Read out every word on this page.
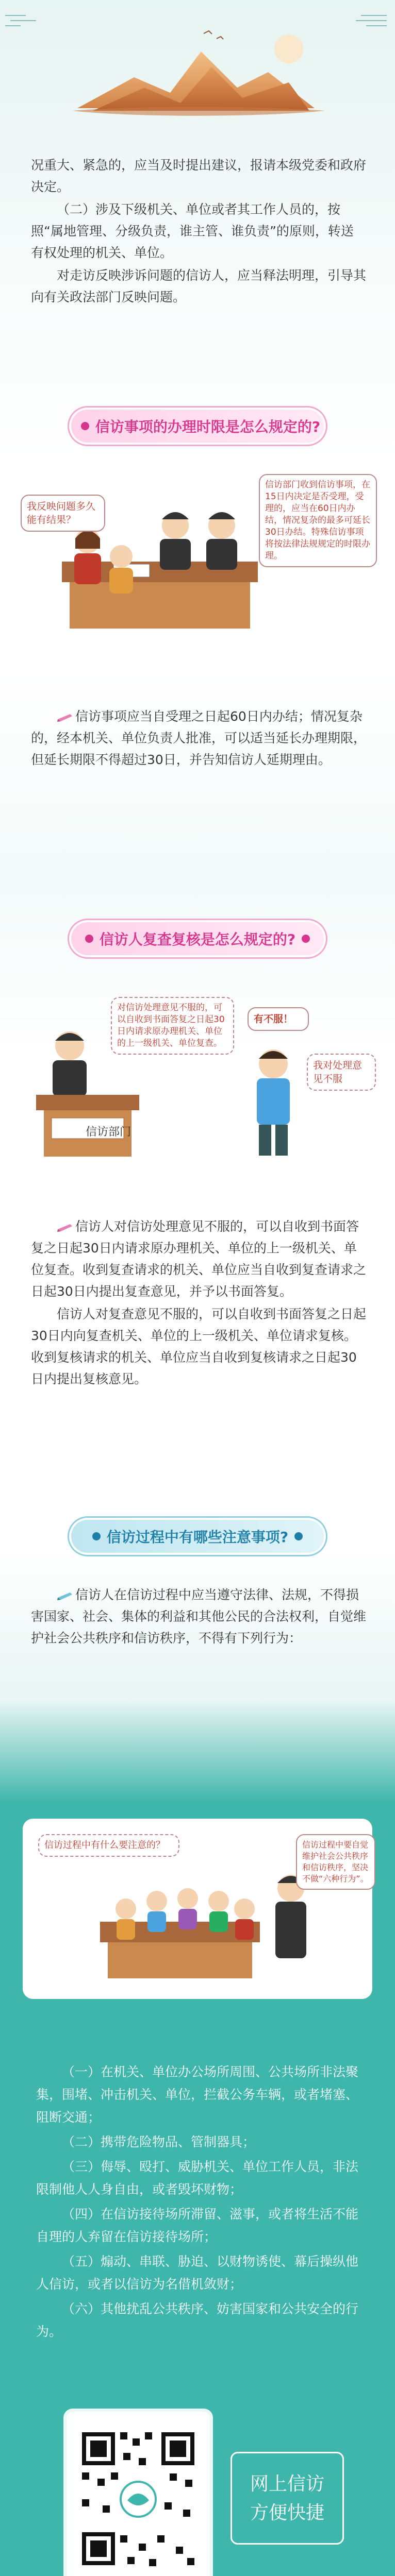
况重大、紧急的，应当及时提出建议，报请本级党委和政府决定。

（二）涉及下级机关、单位或者其工作人员的，按照“属地管理、分级负责，谁主管、谁负责”的原则，转送有权处理的机关、单位。

对走访反映涉诉问题的信访人，应当释法明理，引导其向有关政法部门反映问题。

信访事项的办理时限是怎么规定的?
我反映问题多久能有结果？
信访部门收到信访事项，在15日内决定是否受理，受理的，应当在60日内办结，情况复杂的最多可延长30日办结。特殊信访事项将按法律法规规定的时限办理。

信访事项应当自受理之日起60日内办结；情况复杂的，经本机关、单位负责人批准，可以适当延长办理期限，但延长期限不得超过30日，并告知信访人延期理由。

信访人复查复核是怎么规定的?
对信访处理意见不服的，可以自收到书面答复之日起30日内请求原办理机关、单位的上一级机关、单位复查。
有不服！
我对处理意见不服
信访部门

信访人对信访处理意见不服的，可以自收到书面答复之日起30日内请求原办理机关、单位的上一级机关、单位复查。收到复查请求的机关、单位应当自收到复查请求之日起30日内提出复查意见，并予以书面答复。

信访人对复查意见不服的，可以自收到书面答复之日起30日内向复查机关、单位的上一级机关、单位请求复核。收到复核请求的机关、单位应当自收到复核请求之日起30日内提出复核意见。

信访过程中有哪些注意事项?

信访人在信访过程中应当遵守法律、法规，不得损害国家、社会、集体的利益和其他公民的合法权利，自觉维护社会公共秩序和信访秩序，不得有下列行为：

信访过程中有什么要注意的？	信访过程中要自觉维护社会公共秩序和信访秩序，坚决不做“六种行为”。

（一）在机关、单位办公场所周围、公共场所非法聚集，围堵、冲击机关、单位，拦截公务车辆，或者堵塞、阻断交通；

（二）携带危险物品、管制器具；

（三）侮辱、殴打、威胁机关、单位工作人员，非法限制他人人身自由，或者毁坏财物；

（四）在信访接待场所滞留、滋事，或者将生活不能自理的人弃留在信访接待场所；

（五）煽动、串联、胁迫、以财物诱使、幕后操纵他人信访，或者以信访为名借机敛财；

（六）其他扰乱公共秩序、妨害国家和公共安全的行为。

网上信访
方便快捷
